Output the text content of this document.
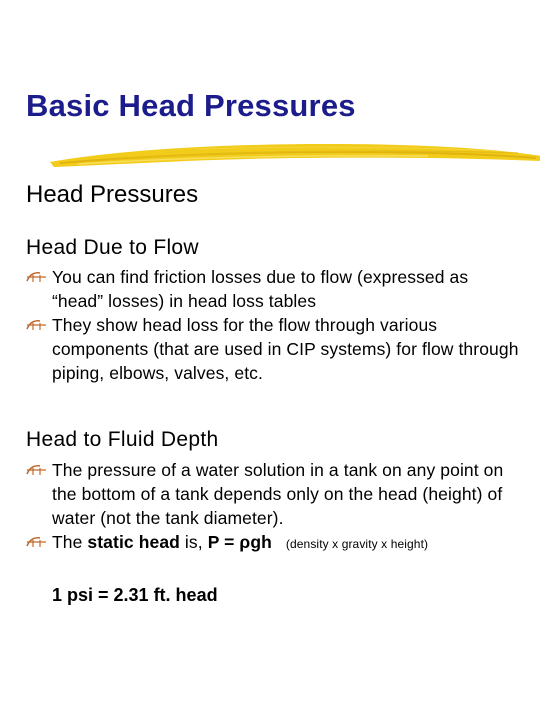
Basic Head Pressures
Head Pressures
Head Due to Flow
You can find friction losses due to flow (expressed as “head” losses) in head loss tables
They show head loss for the flow through various components (that are used in CIP systems) for flow through piping, elbows, valves, etc.
Head to Fluid Depth
The pressure of a water solution in a tank on any point on the bottom of a tank depends only on the head (height) of water (not the tank diameter).
The static head is, P = ρgh (density x gravity x height)

1 psi = 2.31 ft. head
